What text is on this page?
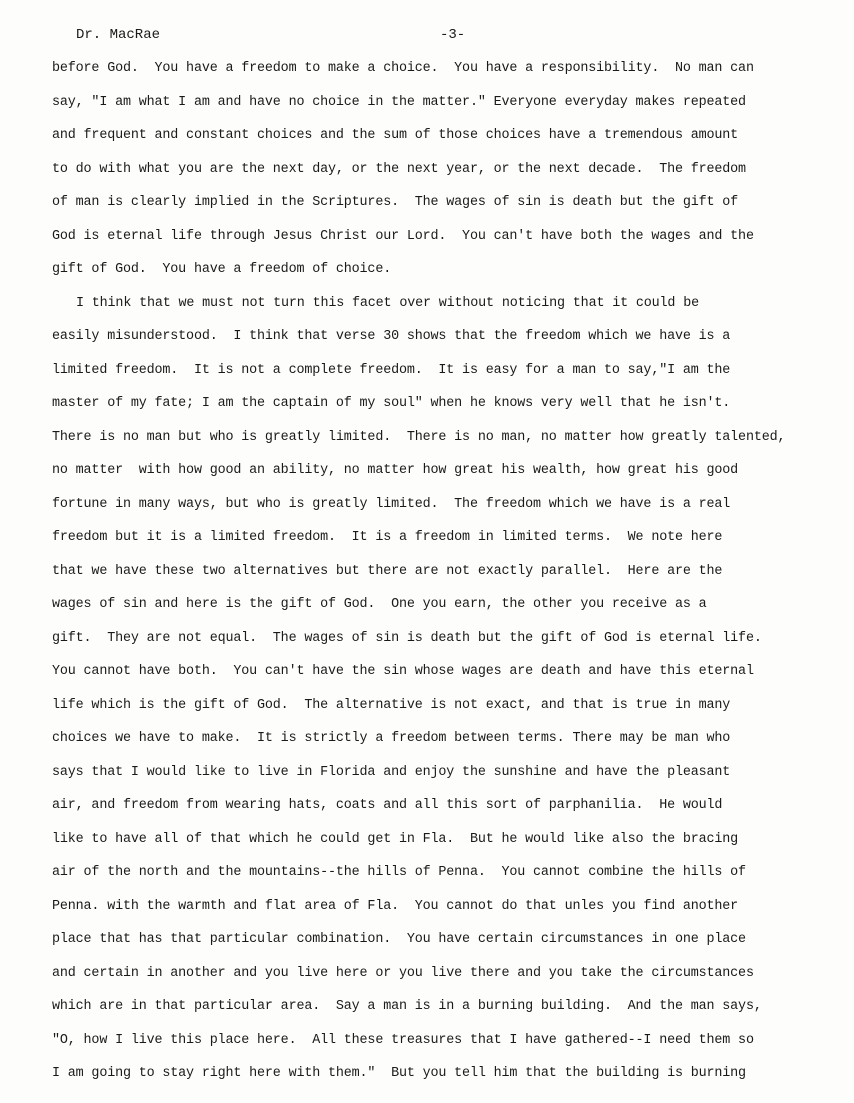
Dr. MacRae	-3-
before God.  You have a freedom to make a choice.  You have a responsibility.  No man can
say, "I am what I am and have no choice in the matter." Everyone everyday makes repeated
and frequent and constant choices and the sum of those choices have a tremendous amount
to do with what you are the next day, or the next year, or the next decade.  The freedom
of man is clearly implied in the Scriptures.  The wages of sin is death but the gift of
God is eternal life through Jesus Christ our Lord.  You can't have both the wages and the
gift of God.  You have a freedom of choice.
I think that we must not turn this facet over without noticing that it could be
easily misunderstood.  I think that verse 30 shows that the freedom which we have is a
limited freedom.  It is not a complete freedom.  It is easy for a man to say,"I am the
master of my fate; I am the captain of my soul" when he knows very well that he isn't.
There is no man but who is greatly limited.  There is no man, no matter how greatly talented,
no matter  with how good an ability, no matter how great his wealth, how great his good
fortune in many ways, but who is greatly limited.  The freedom which we have is a real
freedom but it is a limited freedom.  It is a freedom in limited terms.  We note here
that we have these two alternatives but there are not exactly parallel.  Here are the
wages of sin and here is the gift of God.  One you earn, the other you receive as a
gift.  They are not equal.  The wages of sin is death but the gift of God is eternal life.
You cannot have both.  You can't have the sin whose wages are death and have this eternal
life which is the gift of God.  The alternative is not exact, and that is true in many
choices we have to make.  It is strictly a freedom between terms. There may be man who
says that I would like to live in Florida and enjoy the sunshine and have the pleasant
air, and freedom from wearing hats, coats and all this sort of parphanilia.  He would
like to have all of that which he could get in Fla.  But he would like also the bracing
air of the north and the mountains--the hills of Penna.  You cannot combine the hills of
Penna. with the warmth and flat area of Fla.  You cannot do that unles you find another
place that has that particular combination.  You have certain circumstances in one place
and certain in another and you live here or you live there and you take the circumstances
which are in that particular area.  Say a man is in a burning building.  And the man says,
"O, how I live this place here.  All these treasures that I have gathered--I need them so
I am going to stay right here with them."  But you tell him that the building is burning
